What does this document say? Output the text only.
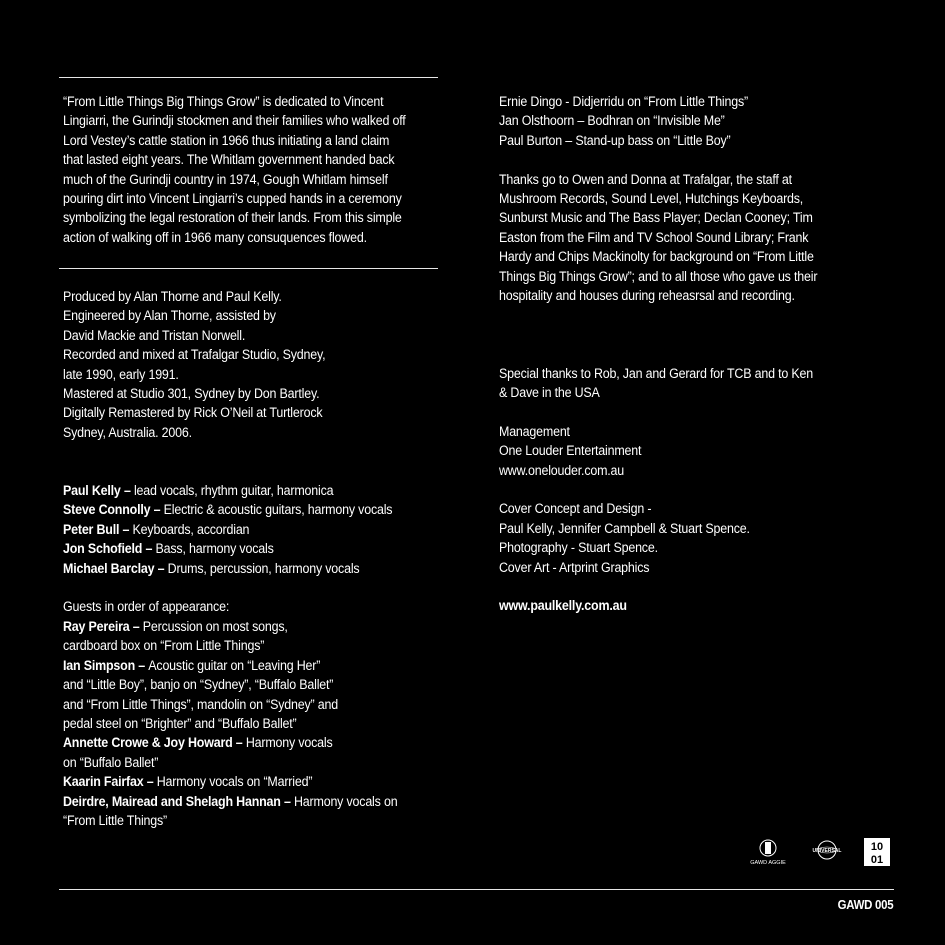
“From Little Things Big Things Grow” is dedicated to Vincent

Lingiarri, the Gurindji stockmen and their families who walked off

Lord Vestey’s cattle station in 1966 thus initiating a land claim

that lasted eight years. The Whitlam government handed back

much of the Gurindji country in 1974, Gough Whitlam himself

pouring dirt into Vincent Lingiarri’s cupped hands in a ceremony

symbolizing the legal restoration of their lands. From this simple

action of walking off in 1966 many consuquences flowed.

Produced by Alan Thorne and Paul Kelly.

Engineered by Alan Thorne, assisted by

David Mackie and Tristan Norwell.

Recorded and mixed at Trafalgar Studio, Sydney,

late 1990, early 1991.

Mastered at Studio 301, Sydney by Don Bartley.

Digitally Remastered by Rick O’Neil at Turtlerock

Sydney, Australia. 2006.

Paul Kelly – lead vocals, rhythm guitar, harmonica

Steve Connolly – Electric & acoustic guitars, harmony vocals

Peter Bull – Keyboards, accordian

Jon Schofield – Bass, harmony vocals

Michael Barclay – Drums, percussion, harmony vocals

Guests in order of appearance:

Ray Pereira – Percussion on most songs,

cardboard box on “From Little Things”

Ian Simpson – Acoustic guitar on “Leaving Her”

and “Little Boy”, banjo on “Sydney”, “Buffalo Ballet”

and “From Little Things”, mandolin on “Sydney” and

pedal steel on “Brighter” and “Buffalo Ballet”

Annette Crowe & Joy Howard – Harmony vocals

on “Buffalo Ballet”

Kaarin Fairfax – Harmony vocals on “Married”

Deirdre, Mairead and Shelagh Hannan – Harmony vocals on

“From Little Things”

Ernie Dingo - Didjerridu on “From Little Things”

Jan Olsthoorn – Bodhran on “Invisible Me”

Paul Burton – Stand-up bass on “Little Boy”

Thanks go to Owen and Donna at Trafalgar, the staff at

Mushroom Records, Sound Level, Hutchings Keyboards,

Sunburst Music and The Bass Player; Declan Cooney; Tim

Easton from the Film and TV School Sound Library; Frank

Hardy and Chips Mackinolty for background on “From Little

Things Big Things Grow”; and to all those who gave us their

hospitality and houses during reheasrsal and recording.

Special thanks to Rob, Jan and Gerard for TCB and to Ken

& Dave in the USA

Management

One Louder Entertainment

www.onelouder.com.au

Cover Concept and Design -

Paul Kelly, Jennifer Campbell & Stuart Spence.

Photography - Stuart Spence.

Cover Art - Artprint Graphics

www.paulkelly.com.au

GAWD AGGIE
UNIVERSAL	10
01
GAWD 005
